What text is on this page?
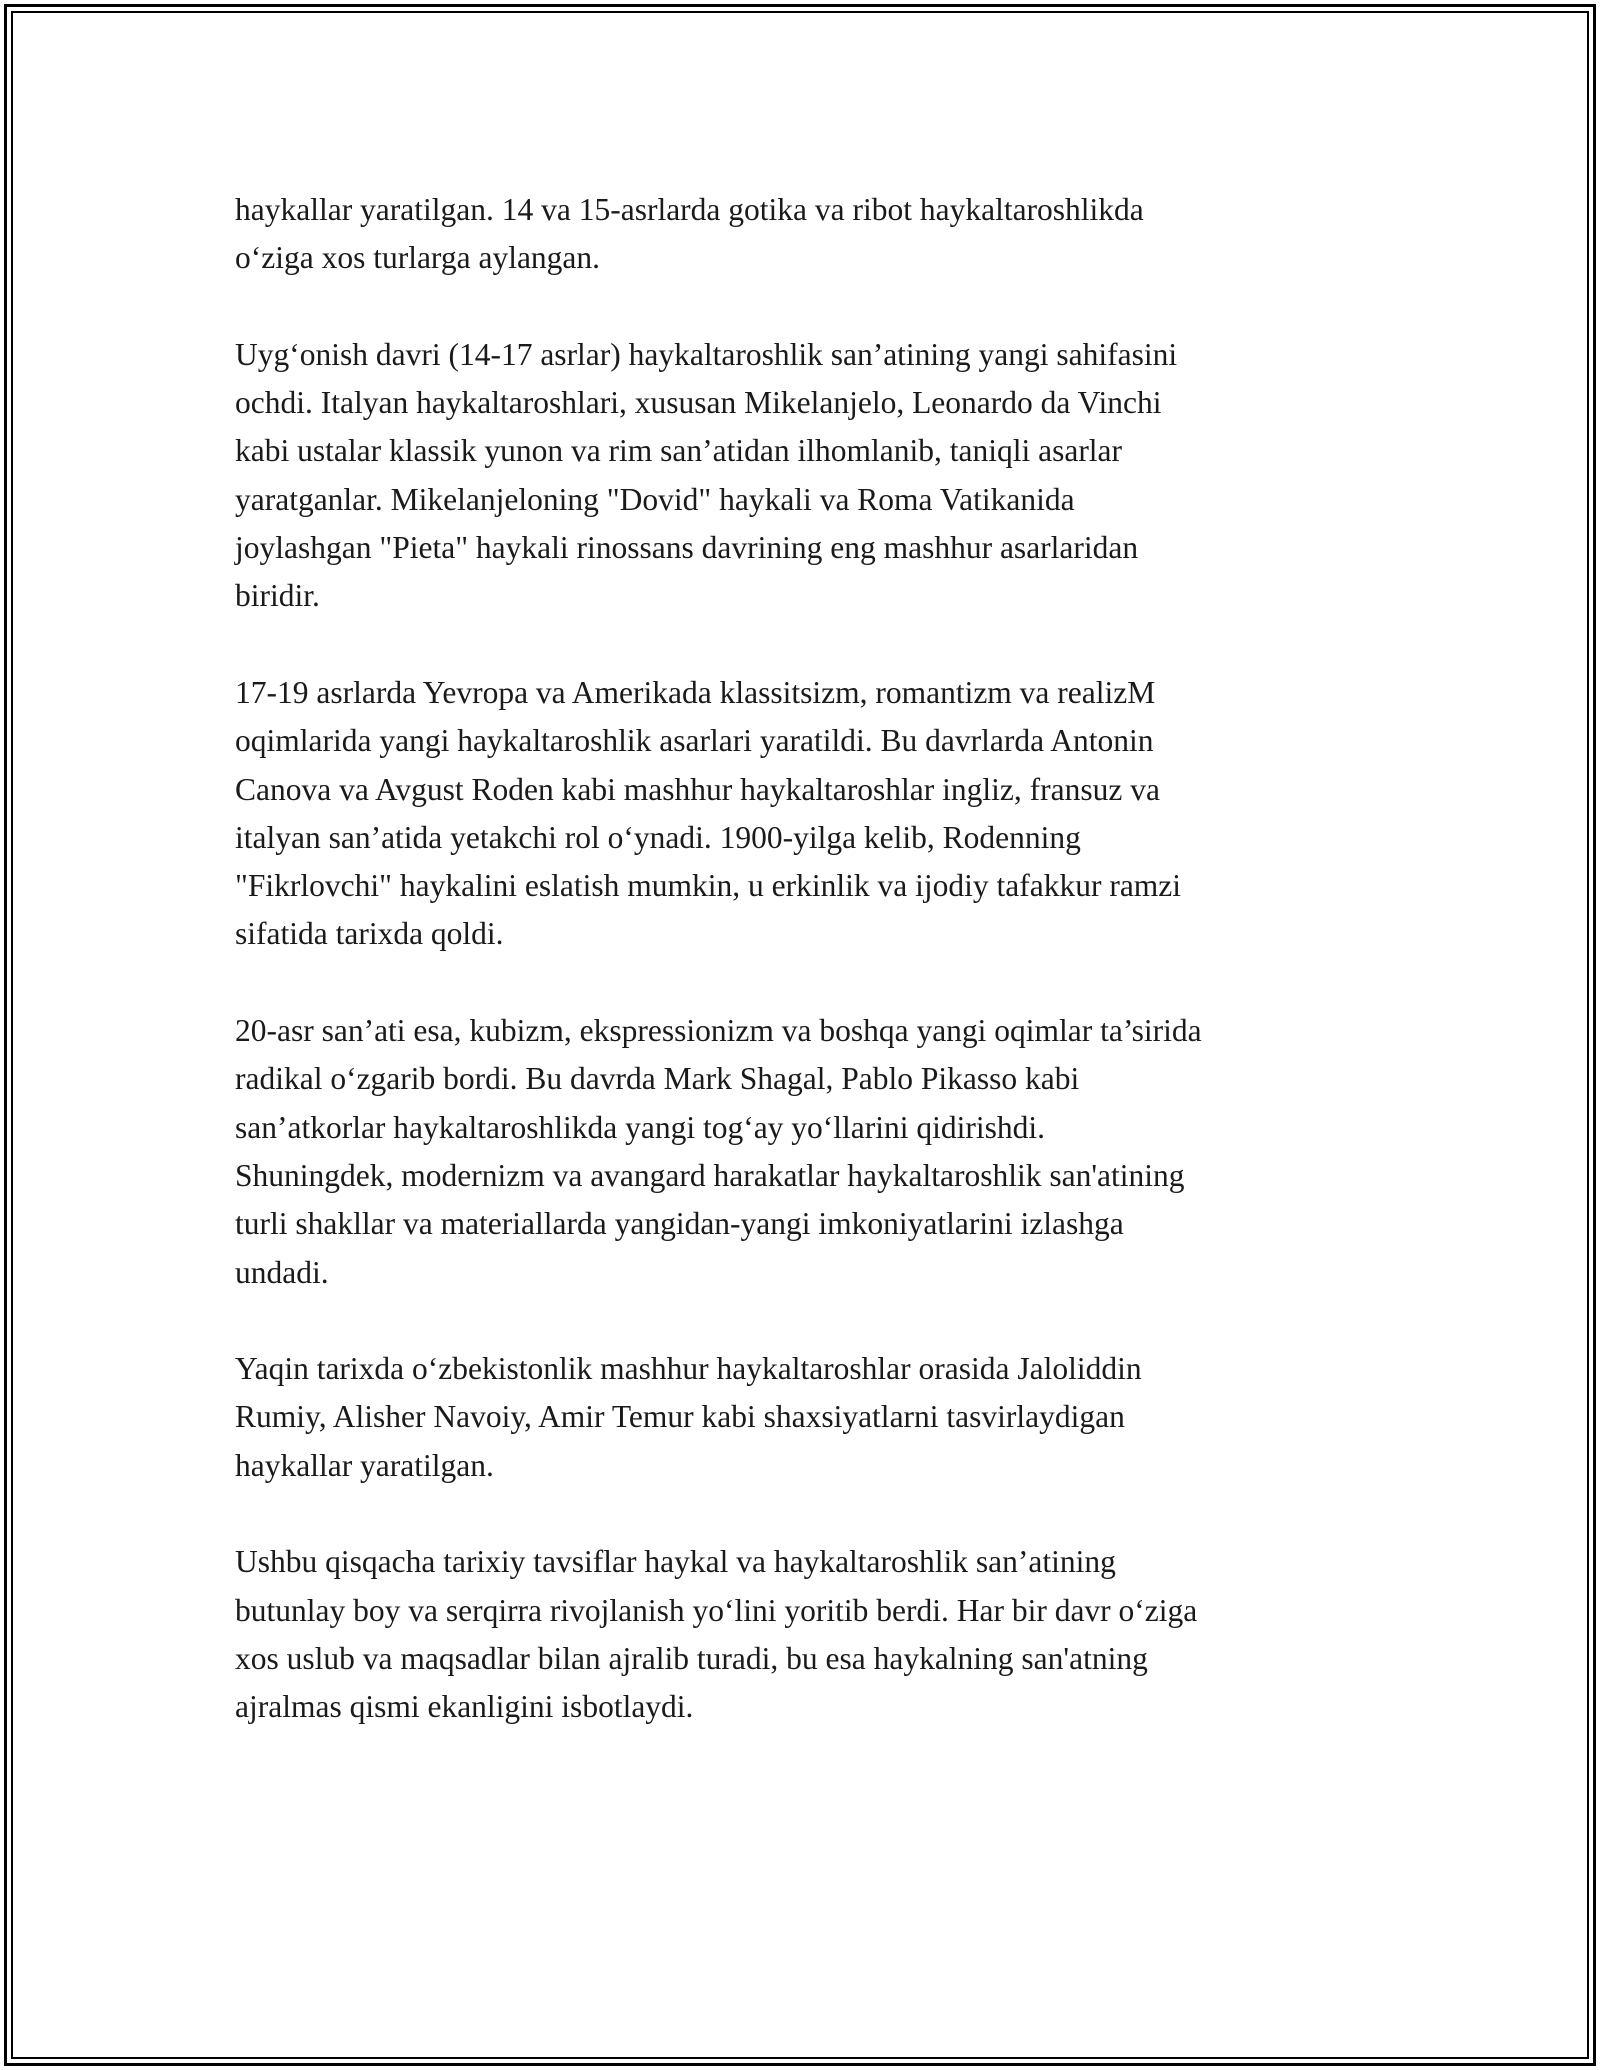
haykallar yaratilgan. 14 va 15-asrlarda gotika va ribot haykaltaroshlikda
o‘ziga xos turlarga aylangan.

Uyg‘onish davri (14-17 asrlar) haykaltaroshlik san’atining yangi sahifasini
ochdi. Italyan haykaltaroshlari, xususan Mikelanjelo, Leonardo da Vinchi
kabi ustalar klassik yunon va rim san’atidan ilhomlanib, taniqli asarlar
yaratganlar. Mikelanjeloning "Dovid" haykali va Roma Vatikanida
joylashgan "Pieta" haykali rinossans davrining eng mashhur asarlaridan
biridir.

17-19 asrlarda Yevropa va Amerikada klassitsizm, romantizm va realizM
oqimlarida yangi haykaltaroshlik asarlari yaratildi. Bu davrlarda Antonin
Canova va Avgust Roden kabi mashhur haykaltaroshlar ingliz, fransuz va
italyan san’atida yetakchi rol o‘ynadi. 1900-yilga kelib, Rodenning
"Fikrlovchi" haykalini eslatish mumkin, u erkinlik va ijodiy tafakkur ramzi
sifatida tarixda qoldi.

20-asr san’ati esa, kubizm, ekspressionizm va boshqa yangi oqimlar ta’sirida
radikal o‘zgarib bordi. Bu davrda Mark Shagal, Pablo Pikasso kabi
san’atkorlar haykaltaroshlikda yangi tog‘ay yo‘llarini qidirishdi.
Shuningdek, modernizm va avangard harakatlar haykaltaroshlik san'atining
turli shakllar va materiallarda yangidan-yangi imkoniyatlarini izlashga
undadi.

Yaqin tarixda o‘zbekistonlik mashhur haykaltaroshlar orasida Jaloliddin
Rumiy, Alisher Navoiy, Amir Temur kabi shaxsiyatlarni tasvirlaydigan
haykallar yaratilgan.

Ushbu qisqacha tarixiy tavsiflar haykal va haykaltaroshlik san’atining
butunlay boy va serqirra rivojlanish yo‘lini yoritib berdi. Har bir davr o‘ziga
xos uslub va maqsadlar bilan ajralib turadi, bu esa haykalning san'atning
ajralmas qismi ekanligini isbotlaydi.
